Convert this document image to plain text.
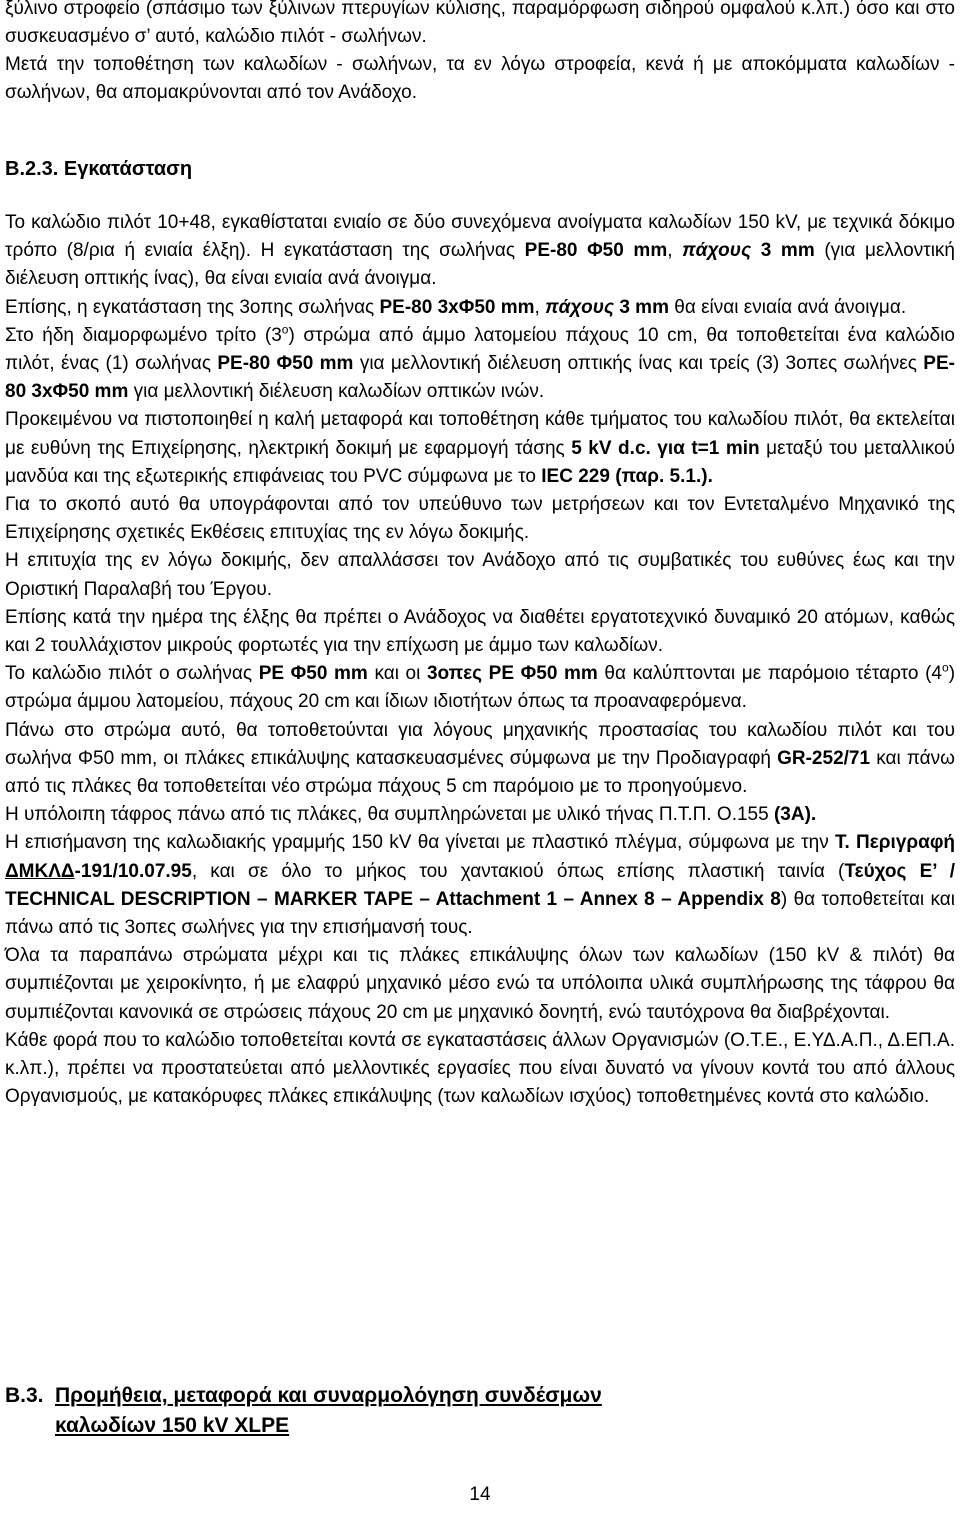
ξύλινο στροφείο (σπάσιμο των ξύλινων πτερυγίων κύλισης, παραμόρφωση σιδηρού ομφαλού κ.λπ.) όσο και στο συσκευασμένο σ’ αυτό, καλώδιο πιλότ - σωλήνων.
Μετά την τοποθέτηση των καλωδίων - σωλήνων, τα εν λόγω στροφεία, κενά ή με αποκόμματα καλωδίων - σωλήνων, θα απομακρύνονται από τον Ανάδοχο.
Β.2.3. Εγκατάσταση

Το καλώδιο πιλότ 10+48, εγκαθίσταται ενιαίο σε δύο συνεχόμενα ανοίγματα καλωδίων 150 kV, με τεχνικά δόκιμο τρόπο (8/ρια ή ενιαία έλξη). Η εγκατάσταση της σωλήνας PE-80 Φ50 mm, πάχους 3 mm (για μελλοντική διέλευση οπτικής ίνας), θα είναι ενιαία ανά άνοιγμα.

Επίσης, η εγκατάσταση της 3οπης σωλήνας PE-80 3xΦ50 mm, πάχους 3 mm θα είναι ενιαία ανά άνοιγμα.

Στο ήδη διαμορφωμένο τρίτο $(3^o)$ στρώμα από άμμο λατομείου πάχους 10 cm, θα τοποθετείται ένα καλώδιο πιλότ, ένας (1) σωλήνας PE-80 Φ50 mm για μελλοντική διέλευση οπτικής ίνας και τρείς (3) 3οπες σωλήνες PE-80 3xΦ50 mm για μελλοντική διέλευση καλωδίων οπτικών ινών.

Προκειμένου να πιστοποιηθεί η καλή μεταφορά και τοποθέτηση κάθε τμήματος του καλωδίου πιλότ, θα εκτελείται με ευθύνη της Επιχείρησης, ηλεκτρική δοκιμή με εφαρμογή τάσης 5 kV d.c. για t=1 min μεταξύ του μεταλλικού μανδύα και της εξωτερικής επιφάνειας του PVC σύμφωνα με το IEC 229 (παρ. 5.1.).

Για το σκοπό αυτό θα υπογράφονται από τον υπεύθυνο των μετρήσεων και τον Εντεταλμένο Μηχανικό της Επιχείρησης σχετικές Εκθέσεις επιτυχίας της εν λόγω δοκιμής.

Η επιτυχία της εν λόγω δοκιμής, δεν απαλλάσσει τον Ανάδοχο από τις συμβατικές του ευθύνες έως και την Οριστική Παραλαβή του Έργου.

Επίσης κατά την ημέρα της έλξης θα πρέπει ο Ανάδοχος να διαθέτει εργατοτεχνικό δυναμικό 20 ατόμων, καθώς και 2 τουλλάχιστον μικρούς φορτωτές για την επίχωση με άμμο των καλωδίων.

Το καλώδιο πιλότ ο σωλήνας PE Φ50 mm και οι 3οπες PE Φ50 mm θα καλύπτονται με παρόμοιο τέταρτο $(4^o)$ στρώμα άμμου λατομείου, πάχους 20 cm και ίδιων ιδιοτήτων όπως τα προαναφερόμενα.

Πάνω στο στρώμα αυτό, θα τοποθετούνται για λόγους μηχανικής προστασίας του καλωδίου πιλότ και του σωλήνα Φ50 mm, οι πλάκες επικάλυψης κατασκευασμένες σύμφωνα με την Προδιαγραφή GR-252/71 και πάνω από τις πλάκες θα τοποθετείται νέο στρώμα πάχους 5 cm παρόμοιο με το προηγούμενο.

Η υπόλοιπη τάφρος πάνω από τις πλάκες, θα συμπληρώνεται με υλικό τήνας Π.Τ.Π. Ο.155 (3Α).

Η επισήμανση της καλωδιακής γραμμής 150 kV θα γίνεται με πλαστικό πλέγμα, σύμφωνα με την Τ. Περιγραφή ΔΜΚΛΔ-191/10.07.95, και σε όλο το μήκος του χαντακιού όπως επίσης πλαστική ταινία (Τεύχος Ε’ / TECHNICAL DESCRIPTION – MARKER TAPE – Attachment 1 – Annex 8 – Appendix 8) θα τοποθετείται και πάνω από τις 3οπες σωλήνες για την επισήμανσή τους.

Όλα τα παραπάνω στρώματα μέχρι και τις πλάκες επικάλυψης όλων των καλωδίων (150 kV & πιλότ) θα συμπιέζονται με χειροκίνητο, ή με ελαφρύ μηχανικό μέσο ενώ τα υπόλοιπα υλικά συμπλήρωσης της τάφρου θα συμπιέζονται κανονικά σε στρώσεις πάχους 20 cm με μηχανικό δονητή, ενώ ταυτόχρονα θα διαβρέχονται.

Κάθε φορά που το καλώδιο τοποθετείται κοντά σε εγκαταστάσεις άλλων Οργανισμών (Ο.Τ.Ε., Ε.ΥΔ.Α.Π., Δ.ΕΠ.Α. κ.λπ.), πρέπει να προστατεύεται από μελλοντικές εργασίες που είναι δυνατό να γίνουν κοντά του από άλλους Οργανισμούς, με κατακόρυφες πλάκες επικάλυψης (των καλωδίων ισχύος) τοποθετημένες κοντά στο καλώδιο.

Β.3. Προμήθεια, μεταφορά και συναρμολόγηση συνδέσμων
καλωδίων 150 kV XLPE
14
